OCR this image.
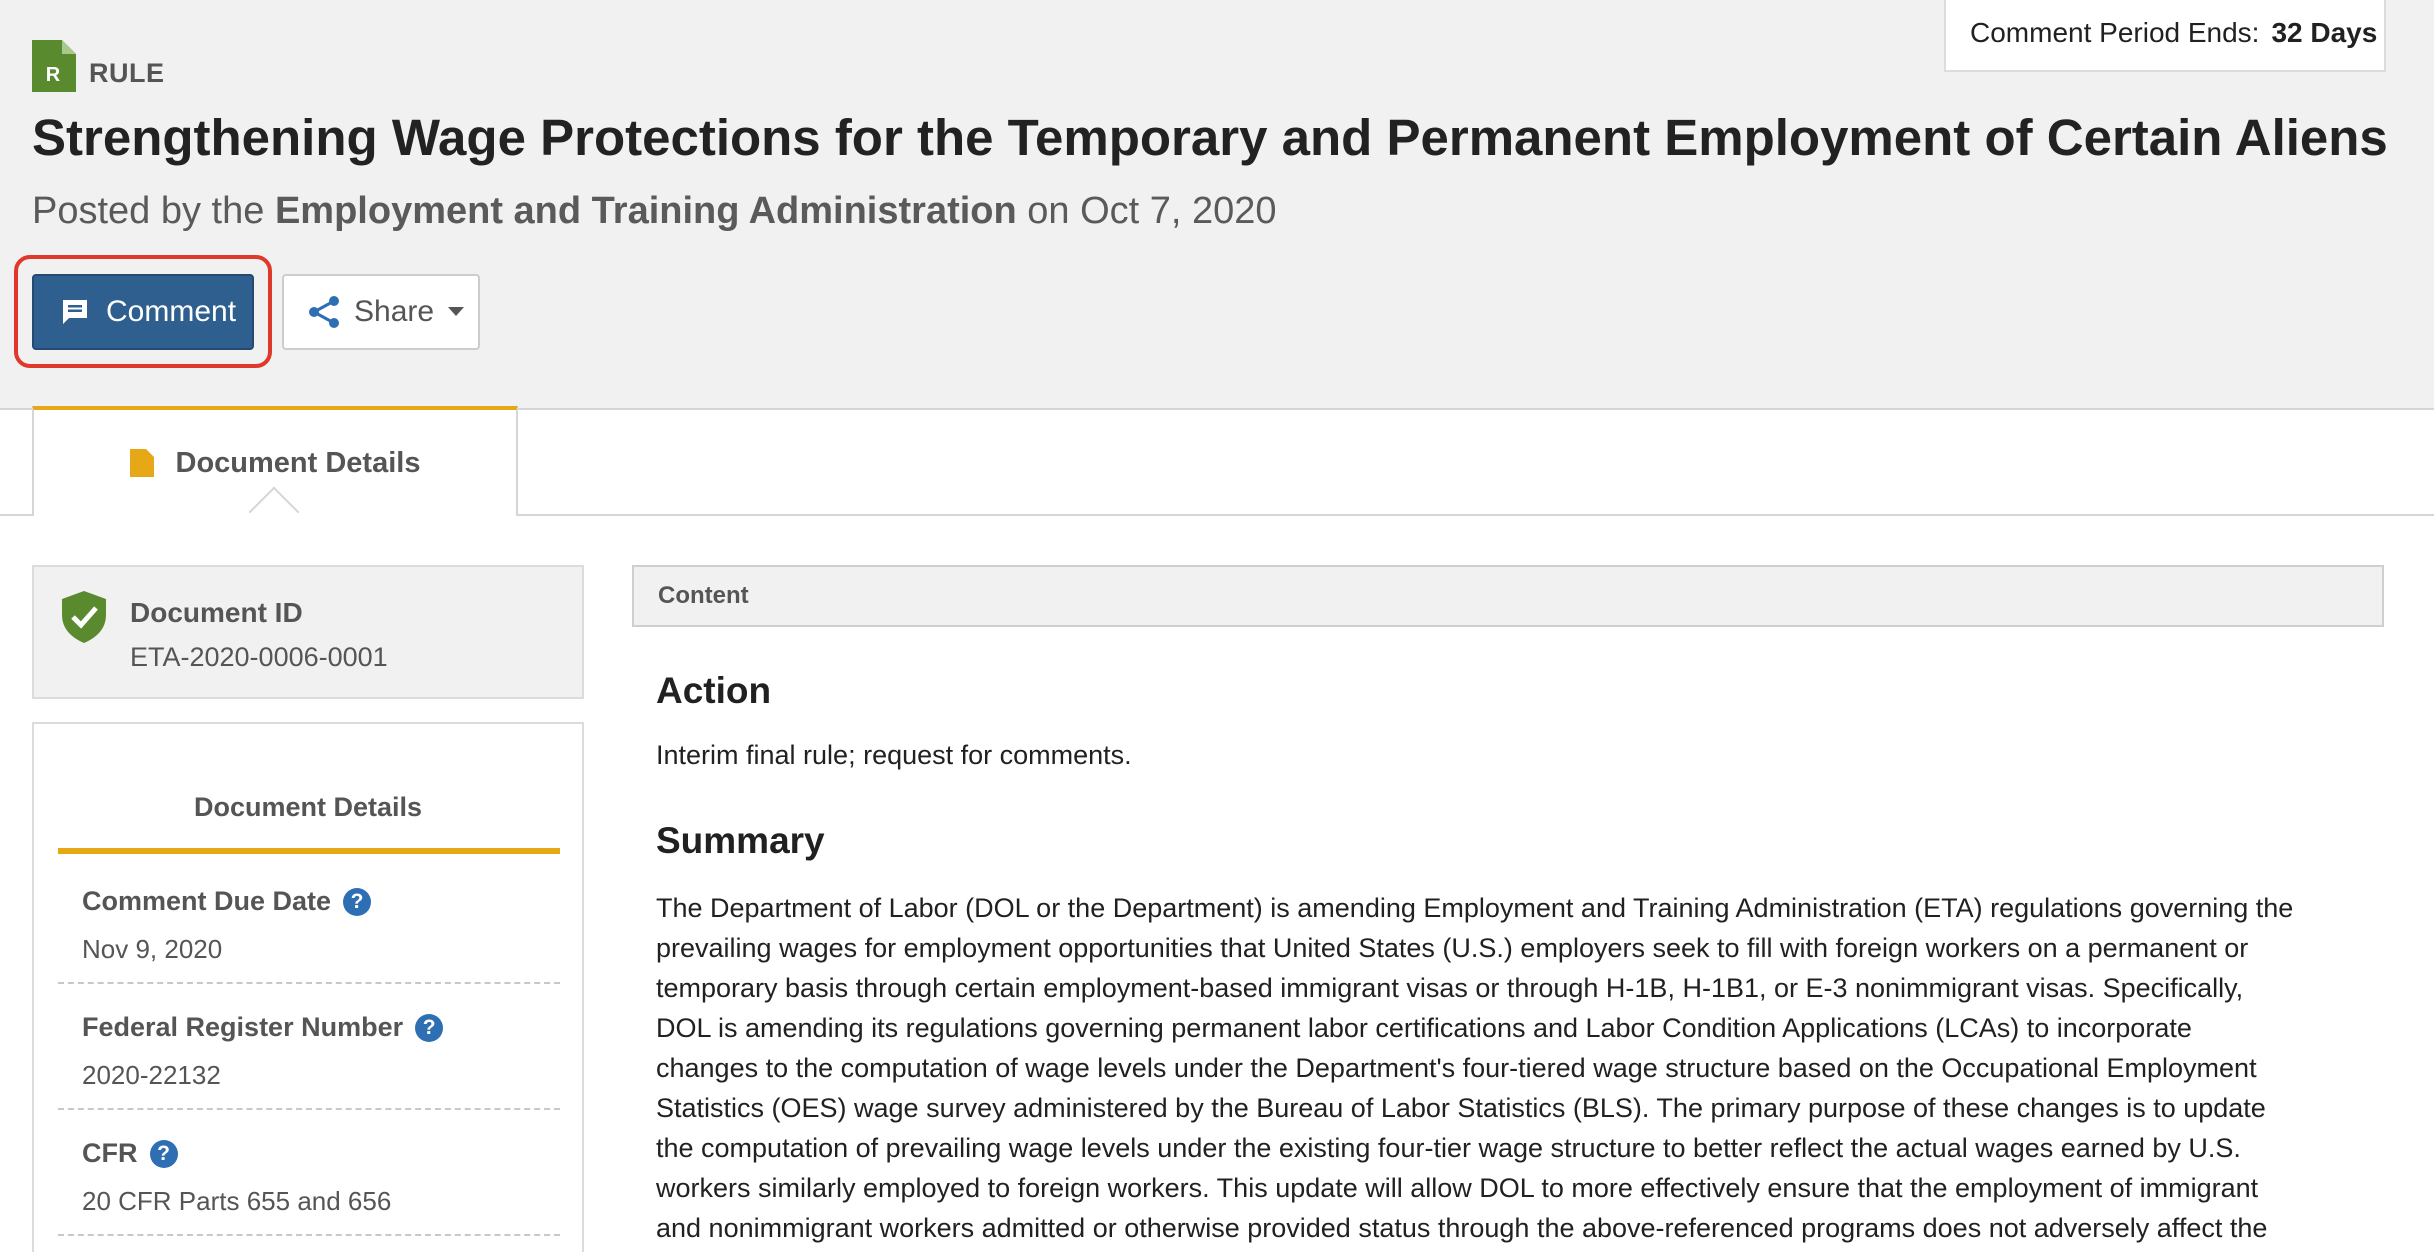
Comment Period Ends: 32 Days
R RULE
Strengthening Wage Protections for the Temporary and Permanent Employment of Certain Aliens
Posted by the Employment and Training Administration on Oct 7, 2020
Comment	Share
Document Details
Document ID
ETA-2020-0006-0001
Document Details
Comment Due Date ?
Nov 9, 2020
Federal Register Number ?
2020-22132
CFR ?
20 CFR Parts 655 and 656
Content
Action

Interim final rule; request for comments.

Summary
The Department of Labor (DOL or the Department) is amending Employment and Training Administration (ETA) regulations governing the
prevailing wages for employment opportunities that United States (U.S.) employers seek to fill with foreign workers on a permanent or
temporary basis through certain employment-based immigrant visas or through H-1B, H-1B1, or E-3 nonimmigrant visas. Specifically,
DOL is amending its regulations governing permanent labor certifications and Labor Condition Applications (LCAs) to incorporate
changes to the computation of wage levels under the Department's four-tiered wage structure based on the Occupational Employment
Statistics (OES) wage survey administered by the Bureau of Labor Statistics (BLS). The primary purpose of these changes is to update
the computation of prevailing wage levels under the existing four-tier wage structure to better reflect the actual wages earned by U.S.
workers similarly employed to foreign workers. This update will allow DOL to more effectively ensure that the employment of immigrant
and nonimmigrant workers admitted or otherwise provided status through the above-referenced programs does not adversely affect the
